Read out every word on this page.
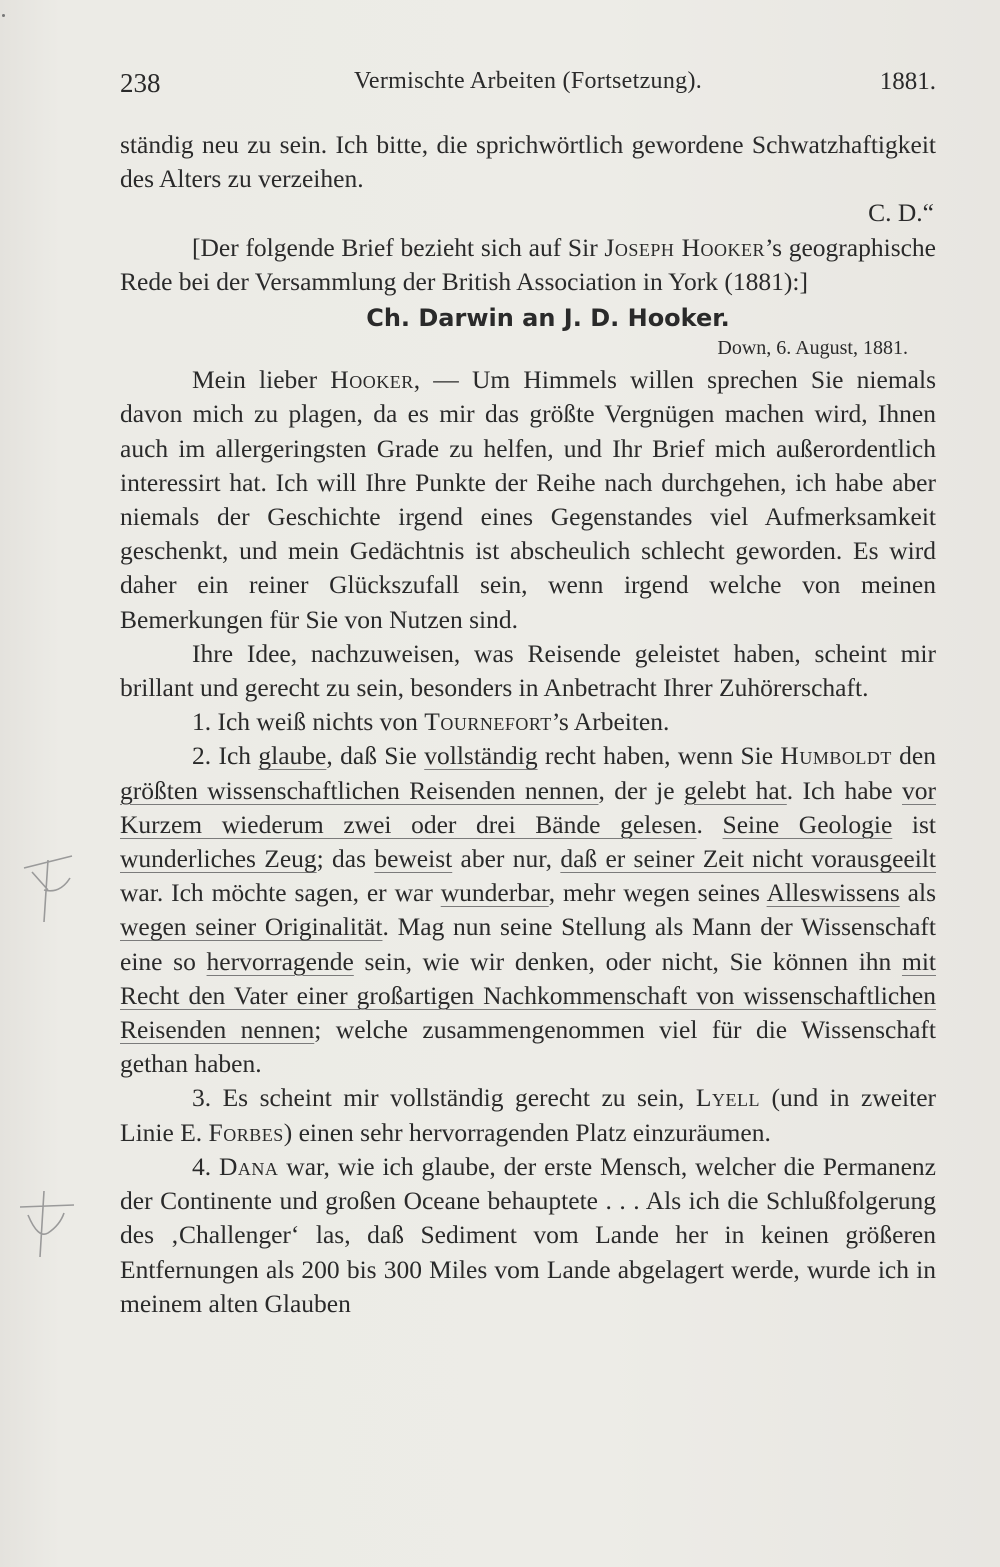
238	Vermischte Arbeiten (Fortsetzung).	1881.

ständig neu zu sein. Ich bitte, die sprichwörtlich gewordene Schwatzhaftigkeit des Alters zu verzeihen.

C. D.“

[Der folgende Brief bezieht sich auf Sir Joseph Hooker’s geographische Rede bei der Versammlung der British Association in York (1881):]

Ch. Darwin an J. D. Hooker.

Down, 6. August, 1881.

Mein lieber Hooker, — Um Himmels willen sprechen Sie niemals davon mich zu plagen, da es mir das größte Vergnügen machen wird, Ihnen auch im allergeringsten Grade zu helfen, und Ihr Brief mich außerordentlich interessirt hat. Ich will Ihre Punkte der Reihe nach durchgehen, ich habe aber niemals der Geschichte irgend eines Gegenstandes viel Aufmerksamkeit geschenkt, und mein Gedächtnis ist abscheulich schlecht geworden. Es wird daher ein reiner Glückszufall sein, wenn irgend welche von meinen Bemerkungen für Sie von Nutzen sind.

Ihre Idee, nachzuweisen, was Reisende geleistet haben, scheint mir brillant und gerecht zu sein, besonders in Anbetracht Ihrer Zuhörerschaft.

1. Ich weiß nichts von Tournefort’s Arbeiten.

2. Ich glaube, daß Sie vollständig recht haben, wenn Sie Humboldt den größten wissenschaftlichen Reisenden nennen, der je gelebt hat. Ich habe vor Kurzem wiederum zwei oder drei Bände gelesen. Seine Geologie ist wunderliches Zeug; das beweist aber nur, daß er seiner Zeit nicht vorausgeeilt war. Ich möchte sagen, er war wunderbar, mehr wegen seines Alleswissens als wegen seiner Originalität. Mag nun seine Stellung als Mann der Wissenschaft eine so hervorragende sein, wie wir denken, oder nicht, Sie können ihn mit Recht den Vater einer großartigen Nachkommenschaft von wissenschaftlichen Reisenden nennen; welche zusammengenommen viel für die Wissenschaft gethan haben.

3. Es scheint mir vollständig gerecht zu sein, Lyell (und in zweiter Linie E. Forbes) einen sehr hervorragenden Platz einzuräumen.

4. Dana war, wie ich glaube, der erste Mensch, welcher die Permanenz der Continente und großen Oceane behauptete . . . Als ich die Schlußfolgerung des ‚Challenger‘ las, daß Sediment vom Lande her in keinen größeren Entfernungen als 200 bis 300 Miles vom Lande abgelagert werde, wurde ich in meinem alten Glauben
